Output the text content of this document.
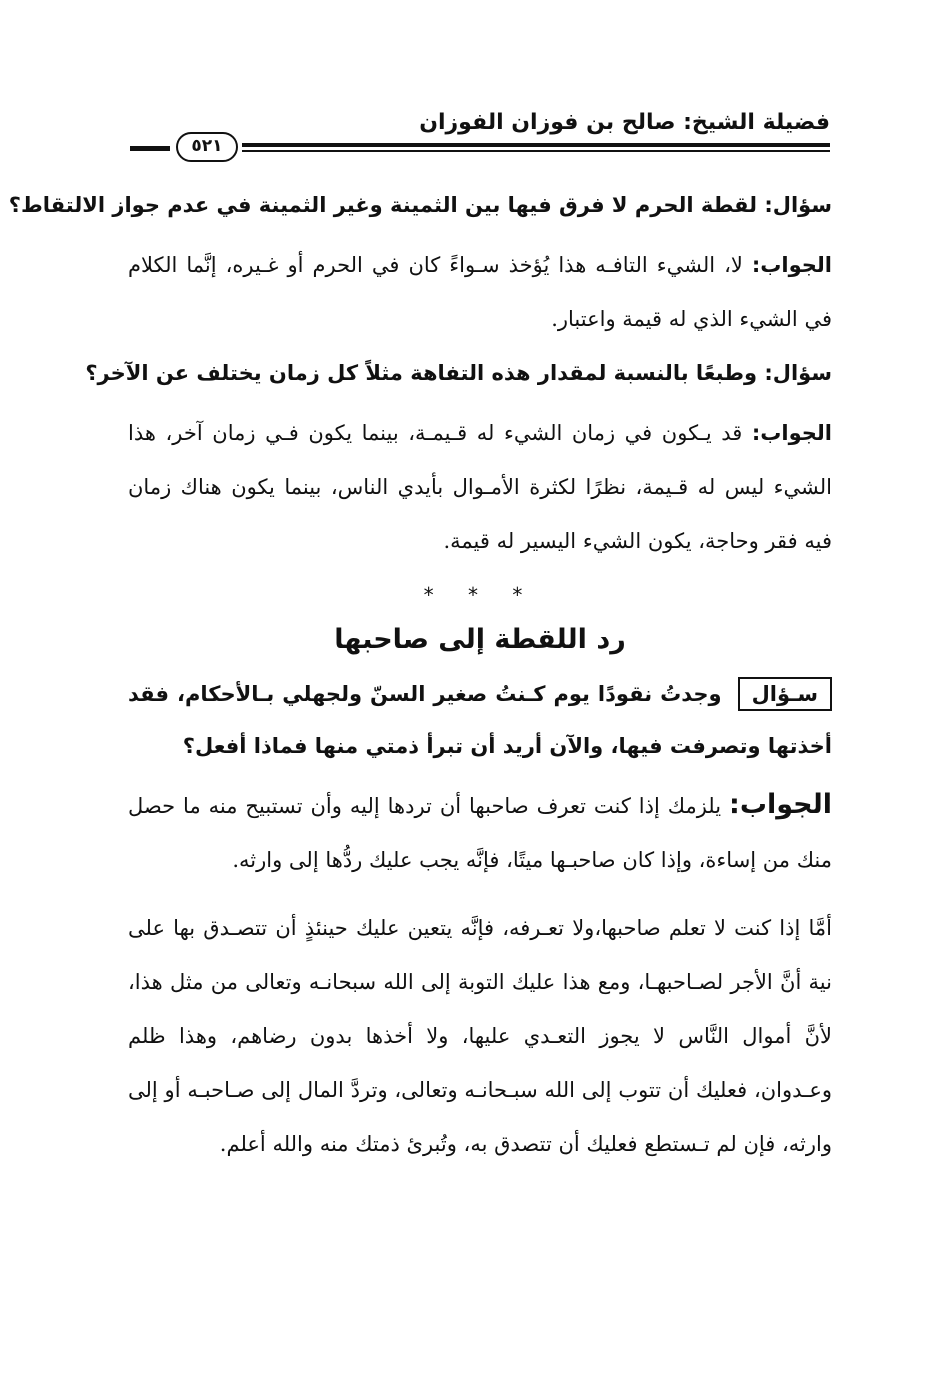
فضيلة الشيخ: صالح بن فوزان الفوزان
٥٢١

سؤال: لقطة الحرم لا فرق فيها بين الثمينة وغير الثمينة في عدم جواز الالتقاط؟

الجواب: لا، الشيء التافـه هذا يُؤخذ سـواءً كان في الحرم أو غـيره، إنَّما الكلام في الشيء الذي له قيمة واعتبار.

سؤال: وطبعًا بالنسبة لمقدار هذه التفاهة مثلاً كل زمان يختلف عن الآخر؟

الجواب: قد يـكون في زمان الشيء له قـيمـة، بينما يكون فـي زمان آخر، هذا الشيء ليس له قـيمة، نظرًا لكثرة الأمـوال بأيدي الناس، بينما يكون هناك زمان فيه فقر وحاجة، يكون الشيء اليسير له قيمة.

* * *

رد اللقطة إلى صاحبها

سـؤال وجدتُ نقودًا يوم كـنتُ صغير السنّ ولجهلي بـالأحكام، فقد أخذتها وتصرفت فيها، والآن أريد أن تبرأ ذمتي منها فماذا أفعل؟

الجواب: يلزمك إذا كنت تعرف صاحبها أن تردها إليه وأن تستبيح منه ما حصل منك من إساءة، وإذا كان صاحبـها ميتًا، فإنَّه يجب عليك ردُّها إلى وارثه.

أمَّا إذا كنت لا تعلم صاحبها،ولا تعـرفه، فإنَّه يتعين عليك حينئذٍ أن تتصـدق بها على نية أنَّ الأجر لصـاحبهـا، ومع هذا عليك التوبة إلى الله سبحانـه وتعالى من مثل هذا، لأنَّ أموال النَّاس لا يجوز التعـدي عليها، ولا أخذها بدون رضاهم، وهذا ظلم وعـدوان، فعليك أن تتوب إلى الله سبـحانـه وتعالى، وتردَّ المال إلى صـاحبـه أو إلى وارثه، فإن لم تـستطع فعليك أن تتصدق به، وتُبرئ ذمتك منه والله أعلم.
